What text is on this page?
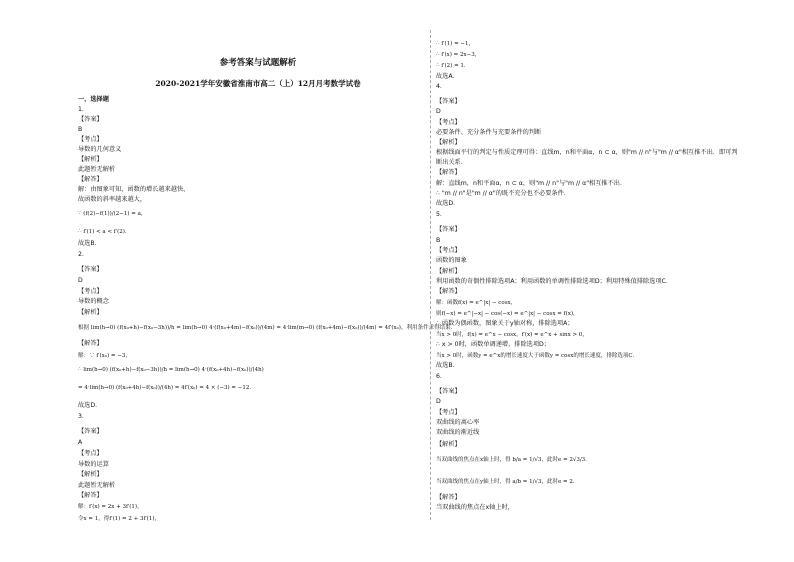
参考答案与试题解析
2020-2021学年安徽省淮南市高二（上）12月月考数学试卷
一、选择题
1.
【答案】
B
【考点】
导数的几何意义
【解析】
此题暂无解析
【解答】
解：由图象可知，函数的增长越来越快，
故函数的斜率越来越大，
∵ (f(2)−f(1))/(2−1) = a，
∴ f′(1) < a < f′(2)．
故选B．
2.
【答案】
D
【考点】
导数的概念
【解析】
根据 lim(h→0) (f(x₀+h)−f(x₀−3h))/h = lim(h→0) 4·(f(x₀+4m)−f(x₀))/(4m) = 4·lim(m→0) (f(x₀+4m)−f(x₀))/(4m) = 4f′(x₀)，利用条件求得结果．
【解答】
解：∵ f′(x₀) = −3，
∴ lim(h→0) (f(x₀+h)−f(x₀−3h))/h = lim(h→0) 4·(f(x₀+4h)−f(x₀))/(4h)
= 4·lim(h→0) (f(x₀+4h)−f(x₀))/(4h) = 4f′(x₀) = 4 × (−3) = −12．
故选D．
3.
【答案】
A
【考点】
导数的运算
【解析】
此题暂无解析
【解答】
解：f′(x) = 2x + 3f′(1)，
令x = 1，得f′(1) = 2 + 3f′(1)，
∴ f′(1) = −1，
∴ f′(x) = 2x−3，
∴ f′(2) = 1．
故选A．
4.
【答案】
D
【考点】
必要条件、充分条件与充要条件的判断
【解析】
根据线面平行的判定与性质定理可得：直线m，n和平面α，n ⊂ α，则"m // n"与"m // α"相互推不出．即可判
断出关系．
【解答】
解：直线m，n和平面α，n ⊂ α，则"m // n"与"m // α"相互推不出．
∴ "m // n"是"m // α"的既不充分也不必要条件．
故选D．
5.
【答案】
B
【考点】
函数的图象
【解析】
利用函数的奇偶性排除选项A；利用函数的单调性排除选项D；利用特殊值排除选项C．
【解答】
解：函数f(x) = e^|x| − cosx，
则f(−x) = e^|−x| − cos(−x) = e^|x| − cosx = f(x)，
∴ 函数为偶函数，图象关于y轴对称，排除选项A；
当x > 0时，f(x) = e^x − cosx，f′(x) = e^x + sinx > 0，
∴ x > 0时，函数单调递增，排除选项D；
当x > 0时，函数y = e^x的增长速度大于函数y = cosx的增长速度，排除选项C．
故选B．
6.
【答案】
D
【考点】
双曲线的离心率
双曲线的渐近线
【解析】
当双曲线的焦点在x轴上时，得 b/a = 1/√3，此时e = 2√3/3．
当双曲线的焦点在y轴上时，得 a/b = 1/√3，此时e = 2．
【解答】
当双曲线的焦点在x轴上时，
